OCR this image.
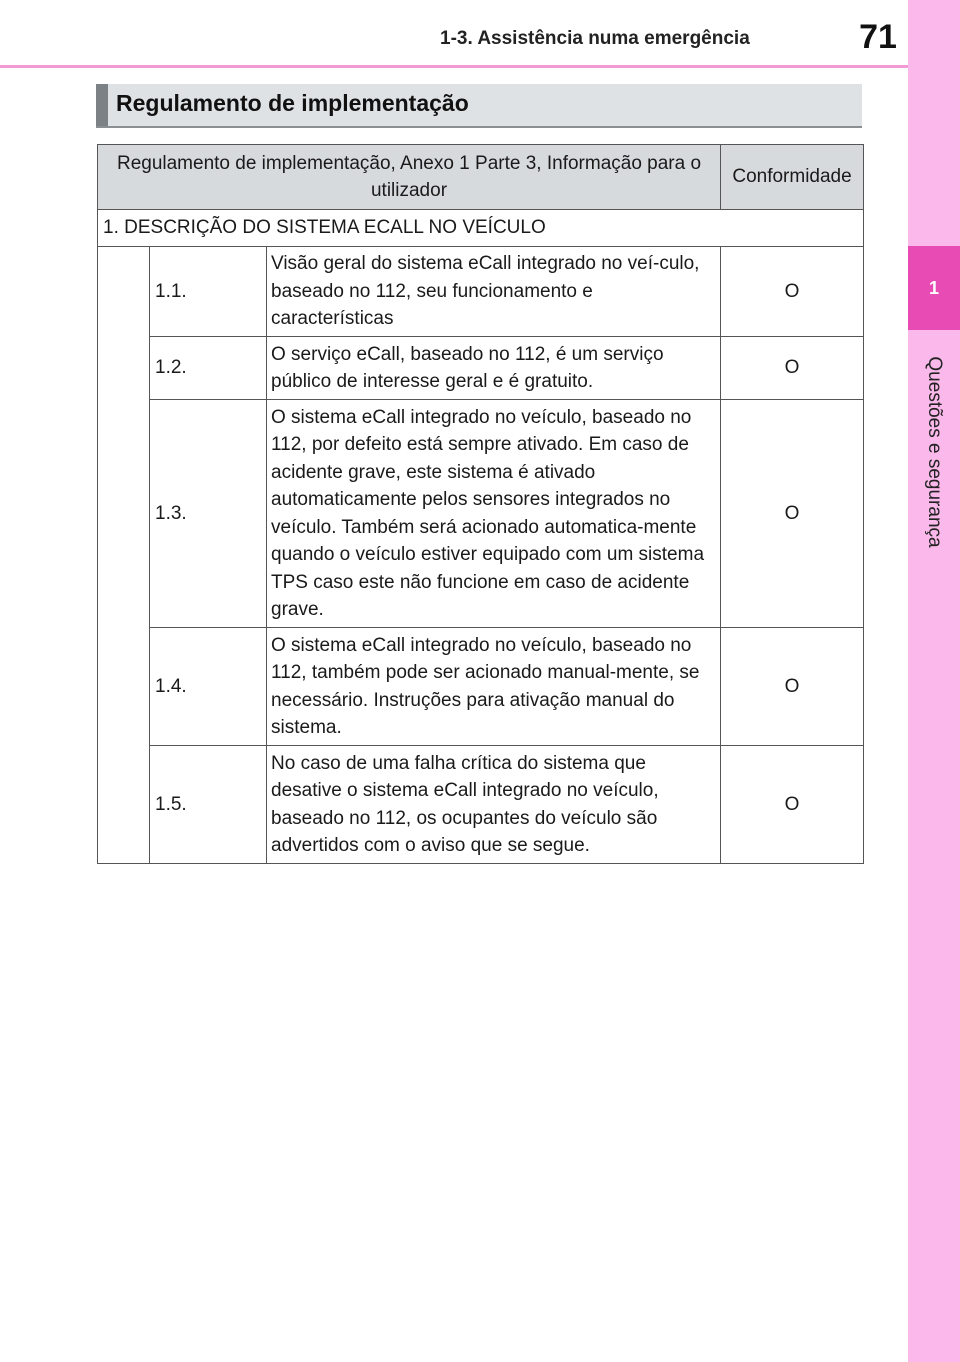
1-3. Assistência numa emergência	71
1
Questões e segurança
Regulamento de implementação
Regulamento de implementação, Anexo 1 Parte 3, Informação para o utilizador			Conformidade
1. DESCRIÇÃO DO SISTEMA ECALL NO VEÍCULO			
	1.1.	Visão geral do sistema eCall integrado no veí-culo, baseado no 112, seu funcionamento e características	O
	1.2.	O serviço eCall, baseado no 112, é um serviço público de interesse geral e é gratuito.	O
	1.3.	O sistema eCall integrado no veículo, baseado no 112, por defeito está sempre ativado. Em caso de acidente grave, este sistema é ativado automaticamente pelos sensores integrados no veículo. Também será acionado automatica-mente quando o veículo estiver equipado com um sistema TPS caso este não funcione em caso de acidente grave.	O
	1.4.	O sistema eCall integrado no veículo, baseado no 112, também pode ser acionado manual-mente, se necessário. Instruções para ativação manual do sistema.	O
	1.5.	No caso de uma falha crítica do sistema que desative o sistema eCall integrado no veículo, baseado no 112, os ocupantes do veículo são advertidos com o aviso que se segue.	O
